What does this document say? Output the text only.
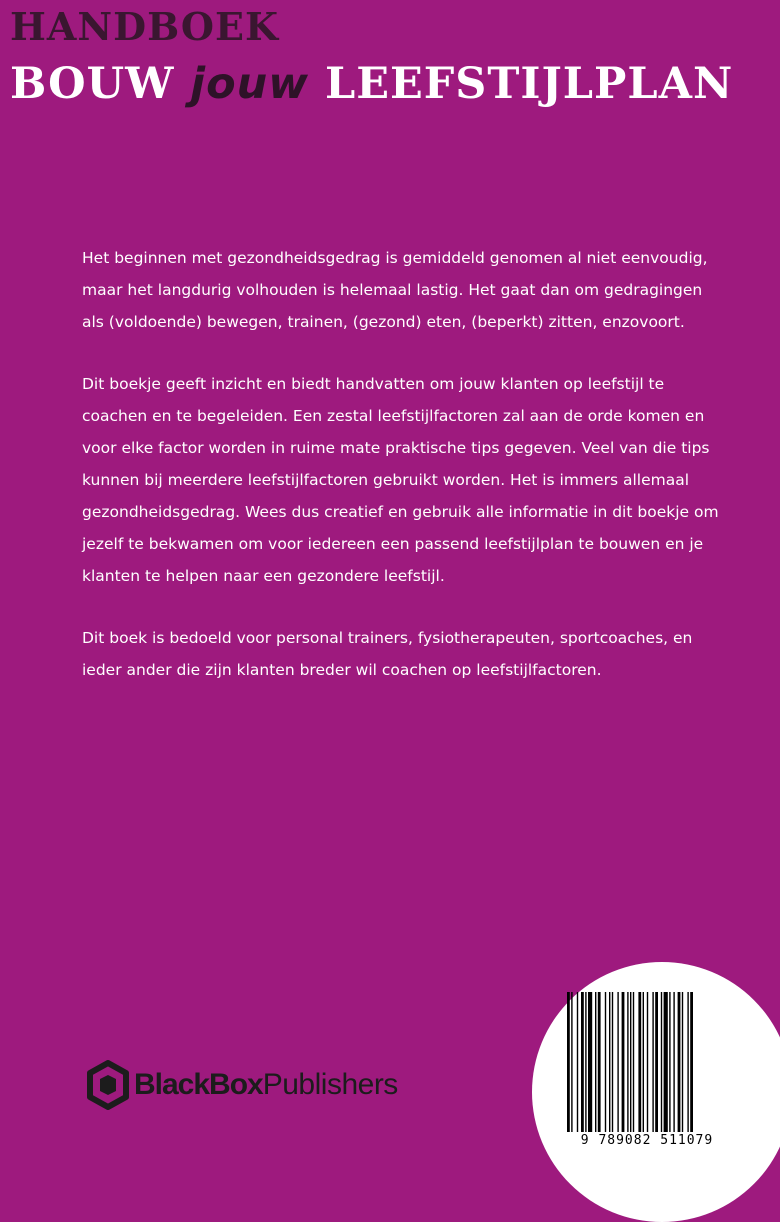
HANDBOEK
BOUW jouw LEEFSTIJLPLAN

Het beginnen met gezondheidsgedrag is gemiddeld genomen al niet eenvoudig, maar het langdurig volhouden is helemaal lastig. Het gaat dan om gedragingen als (voldoende) bewegen, trainen, (gezond) eten, (beperkt) zitten, enzovoort.

Dit boekje geeft inzicht en biedt handvatten om jouw klanten op leefstijl te coachen en te begeleiden. Een zestal leefstijlfactoren zal aan de orde komen en voor elke factor worden in ruime mate praktische tips gegeven. Veel van die tips kunnen bij meerdere leefstijlfactoren gebruikt worden. Het is immers allemaal gezondheidsgedrag. Wees dus creatief en gebruik alle informatie in dit boekje om jezelf te bekwamen om voor iedereen een passend leefstijlplan te bouwen en je klanten te helpen naar een gezondere leefstijl.

Dit boek is bedoeld voor personal trainers, fysiotherapeuten, sportcoaches, en ieder ander die zijn klanten breder wil coachen op leefstijlfactoren.

BlackBox Publishers
9 789082 511079
